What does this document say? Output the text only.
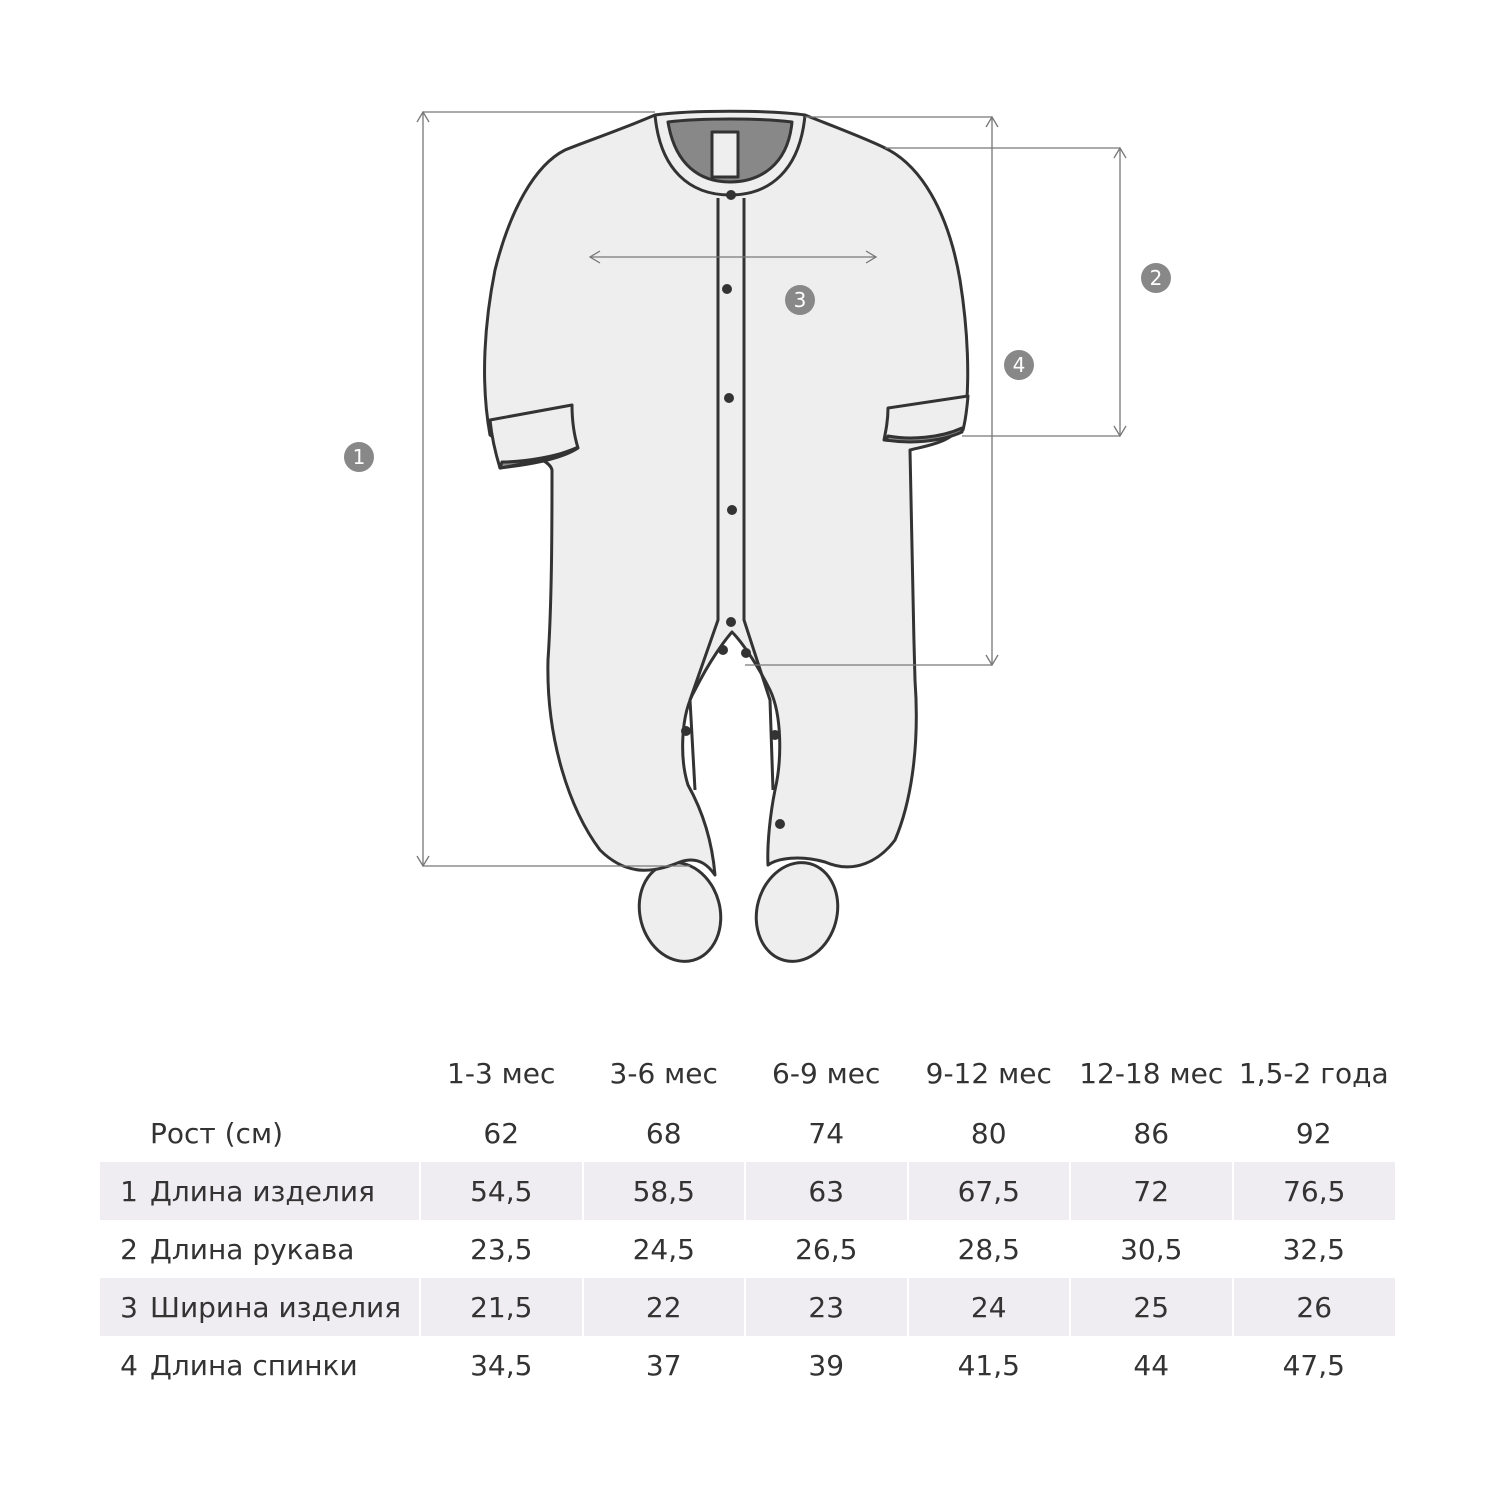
1
2
3
4
		1-3 мес	3-6 мес	6-9 мес	9-12 мес	12-18 мес	1,5-2 года
	Рост (см)	62	68	74	80	86	92
1	Длина изделия	54,5	58,5	63	67,5	72	76,5
2	Длина рукава	23,5	24,5	26,5	28,5	30,5	32,5
3	Ширина изделия	21,5	22	23	24	25	26
4	Длина спинки	34,5	37	39	41,5	44	47,5
